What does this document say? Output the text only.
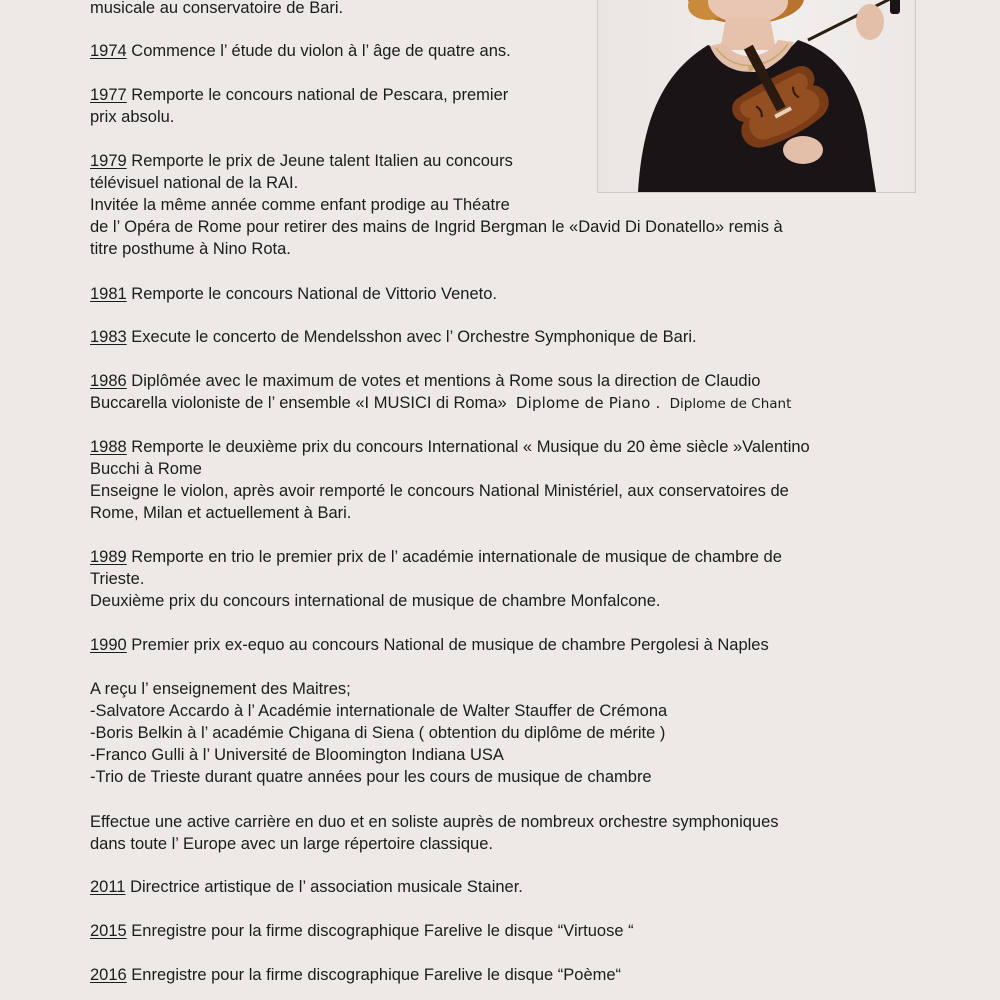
musicale au conservatoire de Bari.

1974 Commence l’ étude du violon à l’ âge de quatre ans.

1977 Remporte le concours national de Pescara, premier

prix absolu.

1979 Remporte le prix de Jeune talent Italien au concours

télévisuel national de la RAI.

Invitée la même année comme enfant prodige au Théatre

de l’ Opéra de Rome pour retirer des mains de Ingrid Bergman le «David Di Donatello» remis à

titre posthume à Nino Rota.

1981 Remporte le concours National de Vittorio Veneto.

1983 Execute le concerto de Mendelsshon avec l’ Orchestre Symphonique de Bari.

1986 Diplômée avec le maximum de votes et mentions à Rome sous la direction de Claudio

Buccarella violoniste de l’ ensemble «I MUSICI di Roma» Diplome de Piano . Diplome de Chant

1988 Remporte le deuxième prix du concours International « Musique du 20 ème siècle »Valentino

Bucchi à Rome

Enseigne le violon, après avoir remporté le concours National Ministériel, aux conservatoires de

Rome, Milan et actuellement à Bari.

1989 Remporte en trio le premier prix de l’ académie internationale de musique de chambre de

Trieste.

Deuxième prix du concours international de musique de chambre Monfalcone.

1990 Premier prix ex-equo au concours National de musique de chambre Pergolesi à Naples

A reçu l’ enseignement des Maitres;

-Salvatore Accardo à l’ Académie internationale de Walter Stauffer de Crémona

-Boris Belkin à l’ académie Chigana di Siena ( obtention du diplôme de mérite )

-Franco Gulli à l’ Université de Bloomington Indiana USA

-Trio de Trieste durant quatre années pour les cours de musique de chambre

Effectue une active carrière en duo et en soliste auprès de nombreux orchestre symphoniques

dans toute l’ Europe avec un large répertoire classique.

2011 Directrice artistique de l’ association musicale Stainer.

2015 Enregistre pour la firme discographique Farelive le disque “Virtuose “

2016 Enregistre pour la firme discographique Farelive le disque “Poème“
